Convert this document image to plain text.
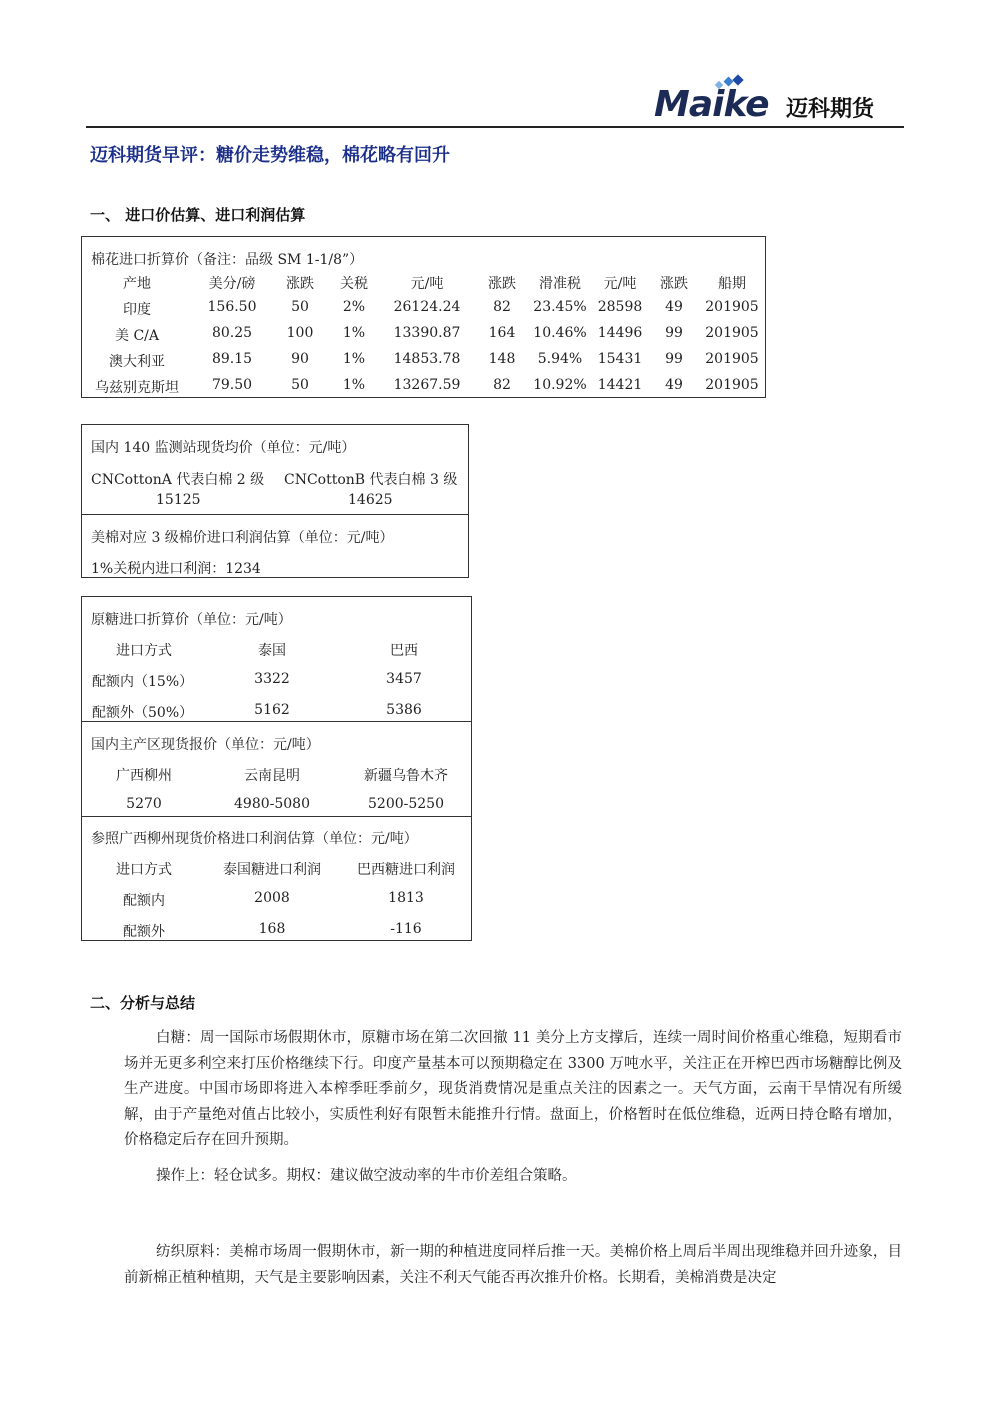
Maike 迈科期货
迈科期货早评：糖价走势维稳，棉花略有回升
一、 进口价估算、进口利润估算
棉花进口折算价（备注：品级 SM 1-1/8”）
产地	美分/磅	涨跌	关税	元/吨	涨跌	滑准税	元/吨	涨跌	船期
印度	156.50	50	2%	26124.24	82	23.45% 28598	49	201905
美 C/A	80.25	100	1%	13390.87	164	10.46% 14496	99	201905
澳大利亚	89.15	90	1%	14853.78	148	5.94%	15431	99	201905
乌兹别克斯坦	79.50	50	1%	13267.59	82	10.92% 14421	49	201905
国内 140 监测站现货均价（单位：元/吨）
CNCottonA 代表白棉 2 级 CNCottonB 代表白棉 3 级
15125	14625
美棉对应 3 级棉价进口利润估算（单位：元/吨）
1%关税内进口利润：1234
原糖进口折算价（单位：元/吨）
进口方式	泰国	巴西
配额内（15%）	3322	3457
配额外（50%）	5162	5386
国内主产区现货报价（单位：元/吨）
广西柳州	云南昆明	新疆乌鲁木齐
5270	4980-5080	5200-5250
参照广西柳州现货价格进口利润估算（单位：元/吨）
进口方式	泰国糖进口利润	巴西糖进口利润
配额内	2008	1813
配额外	168	-116
二、分析与总结
白糖：周一国际市场假期休市，原糖市场在第二次回撤 11 美分上方支撑后，连续一周时间价格重心维稳，短期看市场并无更多利空来打压价格继续下行。印度产量基本可以预期稳定在 3300 万吨水平，关注正在开榨巴西市场糖醇比例及生产进度。中国市场即将进入本榨季旺季前夕，现货消费情况是重点关注的因素之一。天气方面，云南干旱情况有所缓解，由于产量绝对值占比较小，实质性利好有限暂未能推升行情。盘面上，价格暂时在低位维稳，近两日持仓略有增加，价格稳定后存在回升预期。
操作上：轻仓试多。期权：建议做空波动率的牛市价差组合策略。
纺织原料：美棉市场周一假期休市，新一期的种植进度同样后推一天。美棉价格上周后半周出现维稳并回升迹象，目前新棉正植种植期，天气是主要影响因素，关注不利天气能否再次推升价格。长期看，美棉消费是决定
